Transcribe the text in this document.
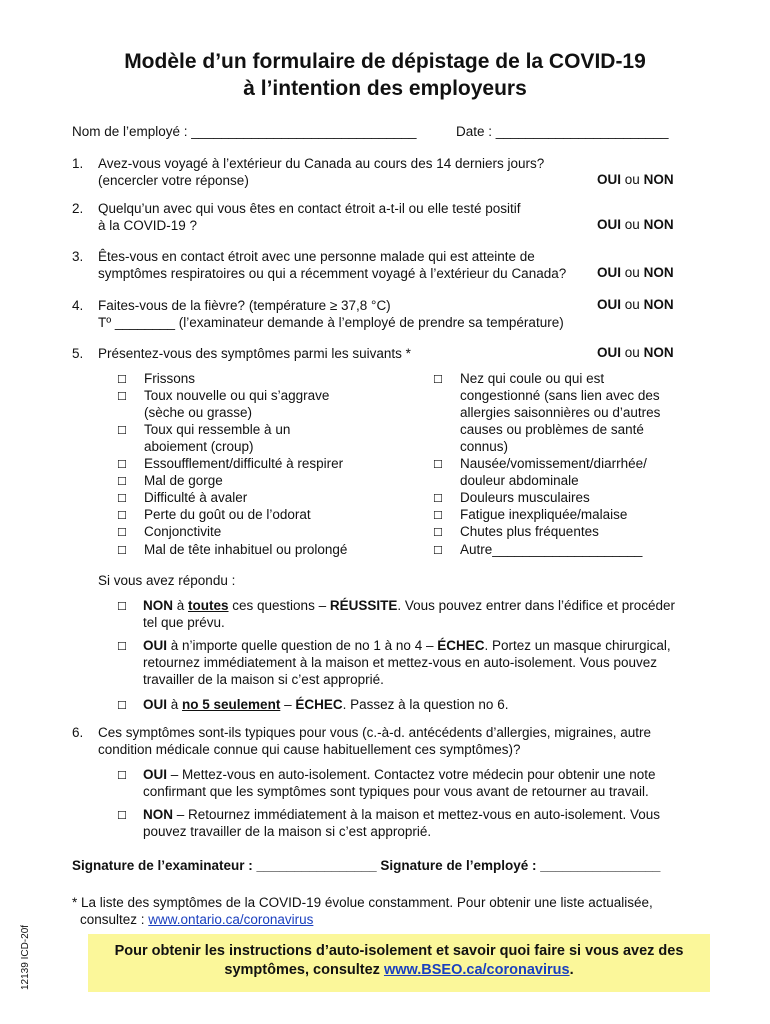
Modèle d’un formulaire de dépistage de la COVID-19
à l’intention des employeurs
Nom de l’employé : ______________________________	Date : _______________________
1. Avez-vous voyagé à l’extérieur du Canada au cours des 14 derniers jours?
(encercler votre réponse)	OUI ou NON
2. Quelqu’un avec qui vous êtes en contact étroit a-t-il ou elle testé positif
à la COVID-19 ?	OUI ou NON
3. Êtes-vous en contact étroit avec une personne malade qui est atteinte de
symptômes respiratoires ou qui a récemment voyagé à l’extérieur du Canada? OUI ou NON
4. Faites-vous de la fièvre? (température ≥ 37,8 °C)
Tº ________ (l’examinateur demande à l’employé de prendre sa température)
OUI ou NON
5. Présentez-vous des symptômes parmi les suivants *	OUI ou NON
☐ Frissons
☐ Toux nouvelle ou qui s’aggrave
(sèche ou grasse)
☐ Toux qui ressemble à un
aboiement (croup)
☐ Essoufflement/difficulté à respirer
☐ Mal de gorge
☐ Difficulté à avaler
☐ Perte du goût ou de l’odorat
☐ Conjonctivite
☐ Mal de tête inhabituel ou prolongé
☐ Nez qui coule ou qui est
congestionné (sans lien avec des
allergies saisonnières ou d’autres
causes ou problèmes de santé
connus)
☐ Nausée/vomissement/diarrhée/
douleur abdominale
☐ Douleurs musculaires
☐ Fatigue inexpliquée/malaise
☐ Chutes plus fréquentes
☐ Autre____________________
Si vous avez répondu :
☐ NON à toutes ces questions – RÉUSSITE. Vous pouvez entrer dans l’édifice et procéder
tel que prévu.
☐ OUI à n’importe quelle question de no 1 à no 4 – ÉCHEC. Portez un masque chirurgical,
retournez immédiatement à la maison et mettez-vous en auto-isolement. Vous pouvez
travailler de la maison si c’est approprié.
☐ OUI à no 5 seulement – ÉCHEC. Passez à la question no 6.
6. Ces symptômes sont-ils typiques pour vous (c.-à-d. antécédents d’allergies, migraines, autre
condition médicale connue qui cause habituellement ces symptômes)?
☐ OUI – Mettez-vous en auto-isolement. Contactez votre médecin pour obtenir une note
confirmant que les symptômes sont typiques pour vous avant de retourner au travail.
☐ NON – Retournez immédiatement à la maison et mettez-vous en auto-isolement. Vous
pouvez travailler de la maison si c’est approprié.
Signature de l’examinateur : ________________ Signature de l’employé : ________________
* La liste des symptômes de la COVID-19 évolue constamment. Pour obtenir une liste actualisée,
consultez : www.ontario.ca/coronavirus
Pour obtenir les instructions d’auto-isolement et savoir quoi faire si vous avez des
symptômes, consultez www.BSEO.ca/coronavirus.
12139 ICD-20f
